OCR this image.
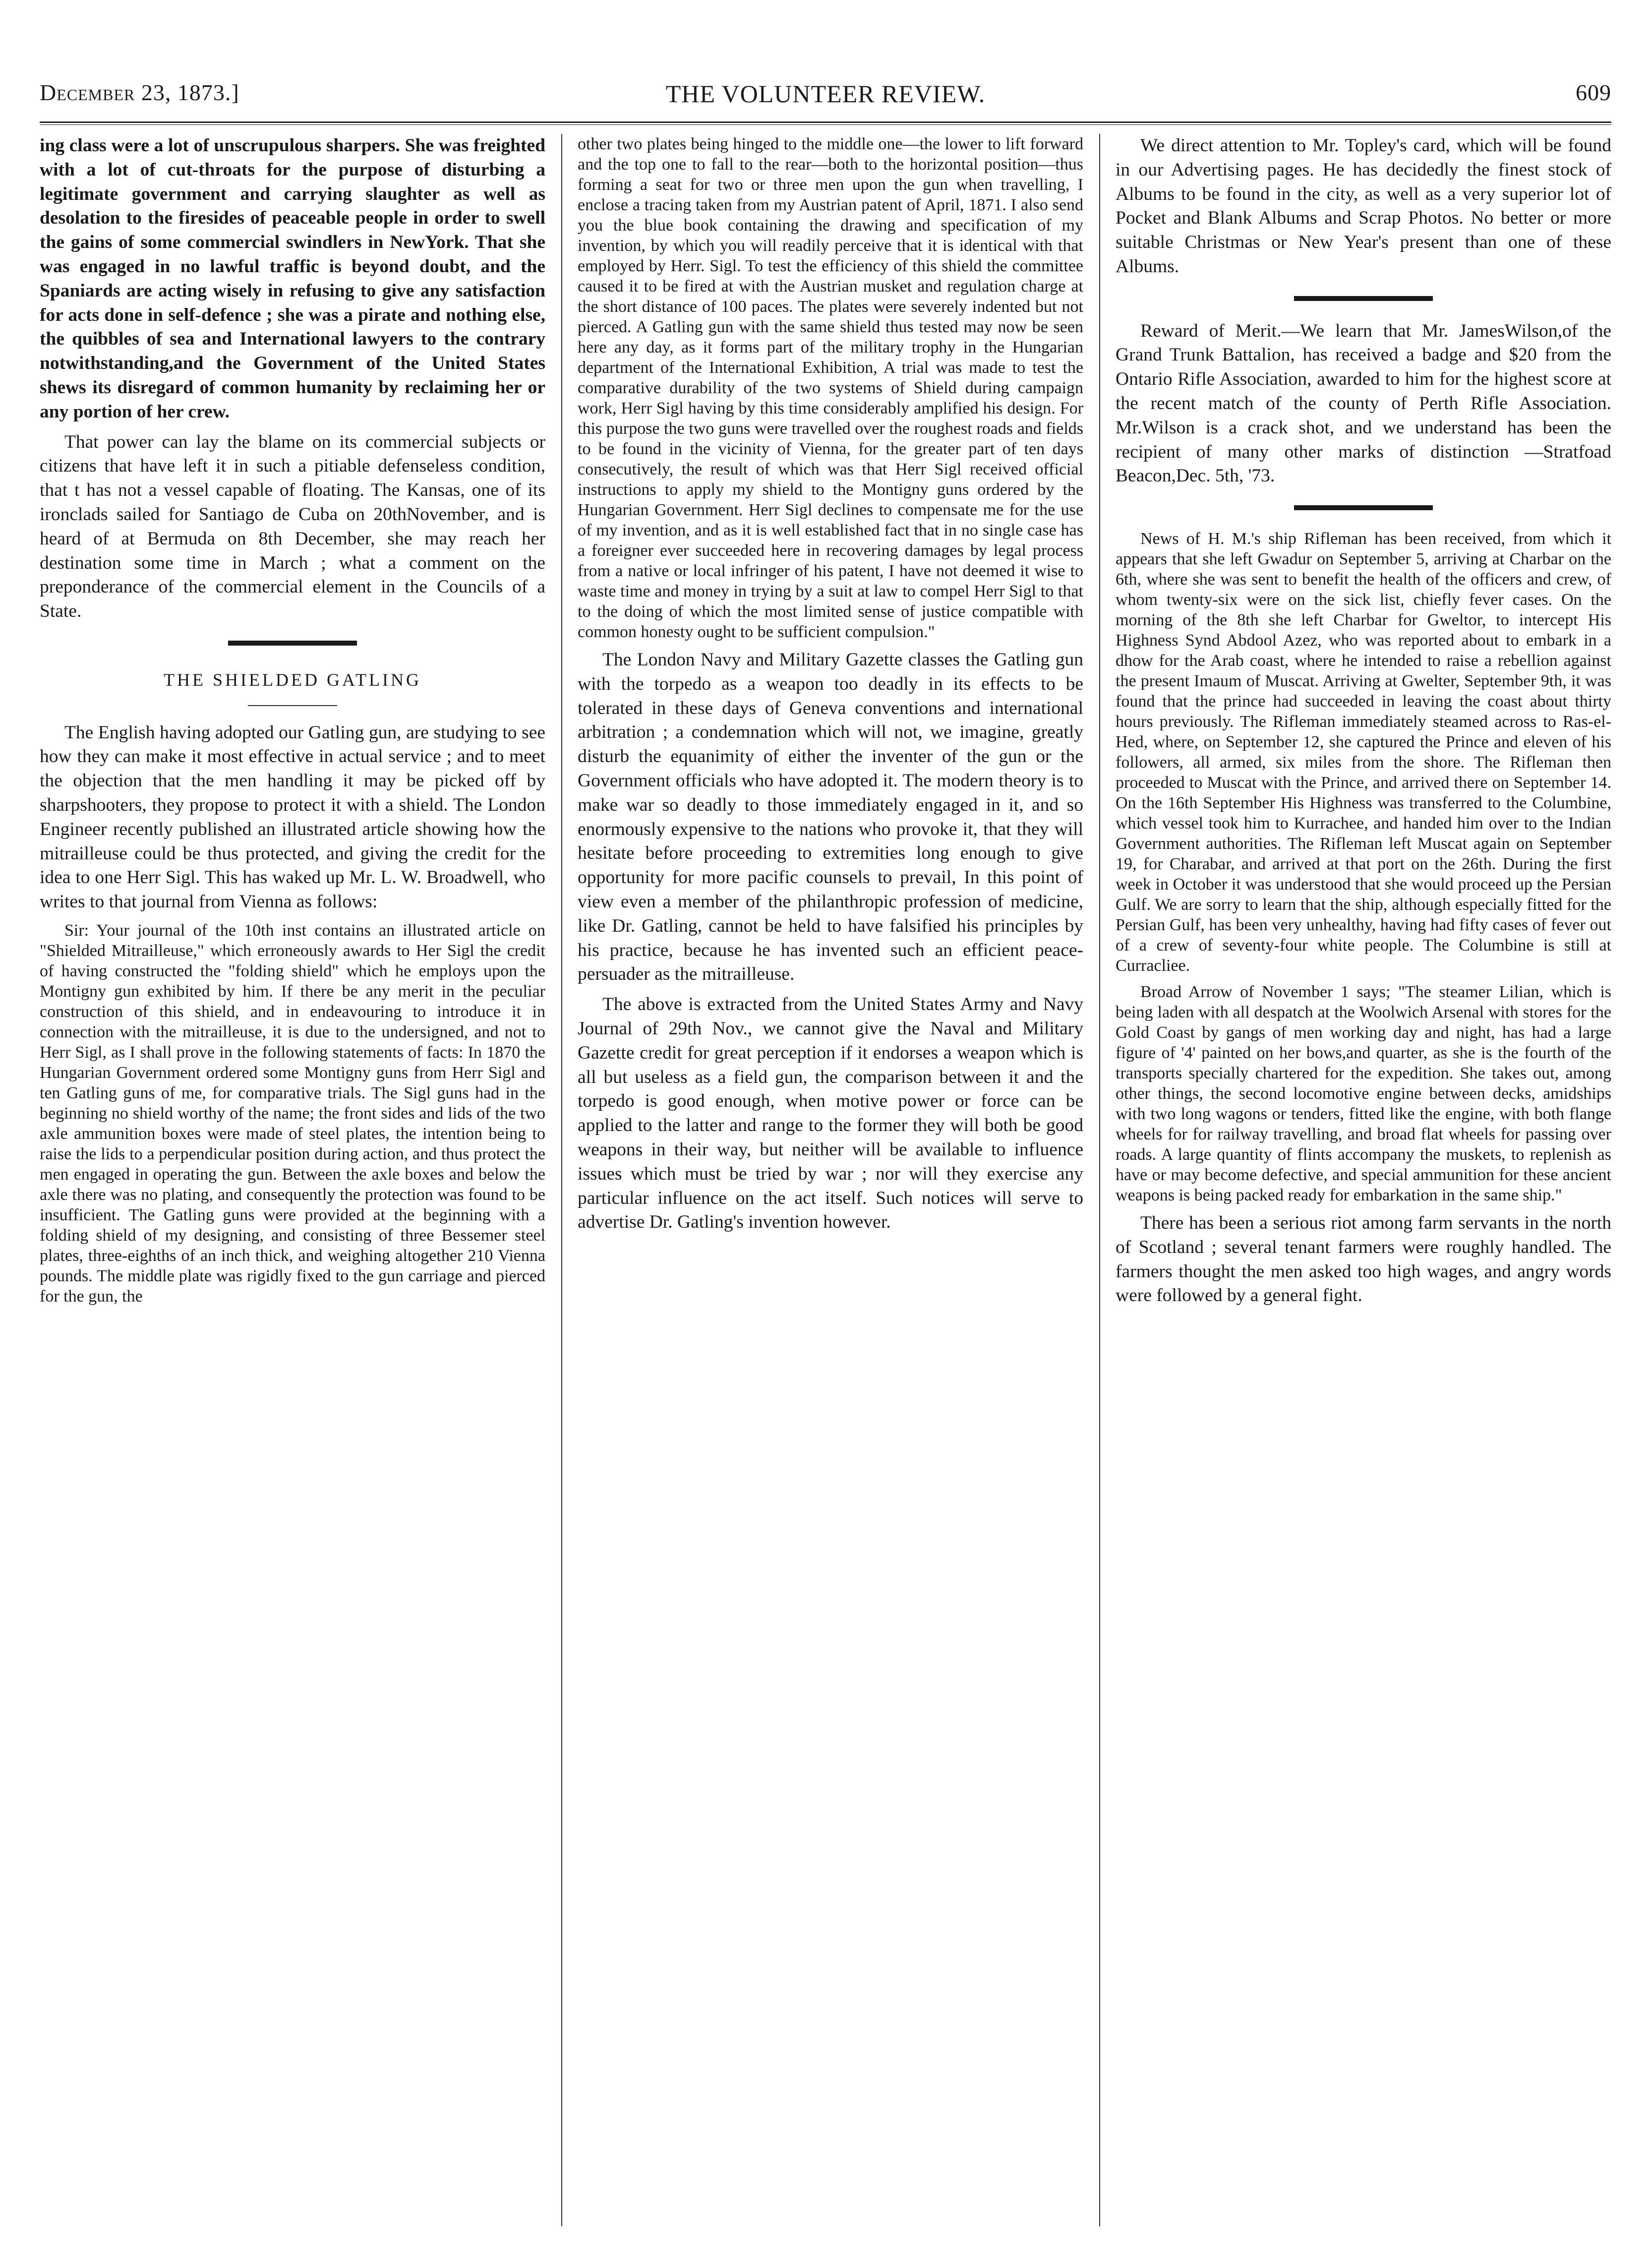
December 23, 1873.]	THE VOLUNTEER REVIEW.	609

ing class were a lot of unscrupulous sharpers. She was freighted with a lot of cut-throats for the purpose of disturbing a legitimate government and carrying slaughter as well as desolation to the firesides of peaceable people in order to swell the gains of some commercial swindlers in NewYork. That she was engaged in no lawful traffic is beyond doubt, and the Spaniards are acting wisely in refusing to give any satisfaction for acts done in self-defence ; she was a pirate and nothing else, the quibbles of sea and International lawyers to the contrary notwithstanding,and the Government of the United States shews its disregard of common humanity by reclaiming her or any portion of her crew.

That power can lay the blame on its commercial subjects or citizens that have left it in such a pitiable defenseless condition, that t has not a vessel capable of floating. The Kansas, one of its ironclads sailed for Santiago de Cuba on 20thNovember, and is heard of at Bermuda on 8th December, she may reach her destination some time in March ; what a comment on the preponderance of the commercial element in the Councils of a State.

THE SHIELDED GATLING

The English having adopted our Gatling gun, are studying to see how they can make it most effective in actual service ; and to meet the objection that the men handling it may be picked off by sharpshooters, they propose to protect it with a shield. The London Engineer recently published an illustrated article showing how the mitrailleuse could be thus protected, and giving the credit for the idea to one Herr Sigl. This has waked up Mr. L. W. Broadwell, who writes to that journal from Vienna as follows:

Sir: Your journal of the 10th inst contains an illustrated article on "Shielded Mitrailleuse," which erroneously awards to Her Sigl the credit of having constructed the "folding shield" which he employs upon the Montigny gun exhibited by him. If there be any merit in the peculiar construction of this shield, and in endeavouring to introduce it in connection with the mitrailleuse, it is due to the undersigned, and not to Herr Sigl, as I shall prove in the following statements of facts: In 1870 the Hungarian Government ordered some Montigny guns from Herr Sigl and ten Gatling guns of me, for comparative trials. The Sigl guns had in the beginning no shield worthy of the name; the front sides and lids of the two axle ammunition boxes were made of steel plates, the intention being to raise the lids to a perpendicular position during action, and thus protect the men engaged in operating the gun. Between the axle boxes and below the axle there was no plating, and consequently the protection was found to be insufficient. The Gatling guns were provided at the beginning with a folding shield of my designing, and consisting of three Bessemer steel plates, three-eighths of an inch thick, and weighing altogether 210 Vienna pounds. The middle plate was rigidly fixed to the gun carriage and pierced for the gun, the

other two plates being hinged to the middle one—the lower to lift forward and the top one to fall to the rear—both to the horizontal position—thus forming a seat for two or three men upon the gun when travelling, I enclose a tracing taken from my Austrian patent of April, 1871. I also send you the blue book containing the drawing and specification of my invention, by which you will readily perceive that it is identical with that employed by Herr. Sigl. To test the efficiency of this shield the committee caused it to be fired at with the Austrian musket and regulation charge at the short distance of 100 paces. The plates were severely indented but not pierced. A Gatling gun with the same shield thus tested may now be seen here any day, as it forms part of the military trophy in the Hungarian department of the International Exhibition, A trial was made to test the comparative durability of the two systems of Shield during campaign work, Herr Sigl having by this time considerably amplified his design. For this purpose the two guns were travelled over the roughest roads and fields to be found in the vicinity of Vienna, for the greater part of ten days consecutively, the result of which was that Herr Sigl received official instructions to apply my shield to the Montigny guns ordered by the Hungarian Government. Herr Sigl declines to compensate me for the use of my invention, and as it is well established fact that in no single case has a foreigner ever succeeded here in recovering damages by legal process from a native or local infringer of his patent, I have not deemed it wise to waste time and money in trying by a suit at law to compel Herr Sigl to that to the doing of which the most limited sense of justice compatible with common honesty ought to be sufficient compulsion."

The London Navy and Military Gazette classes the Gatling gun with the torpedo as a weapon too deadly in its effects to be tolerated in these days of Geneva conventions and international arbitration ; a condemnation which will not, we imagine, greatly disturb the equanimity of either the inventer of the gun or the Government officials who have adopted it. The modern theory is to make war so deadly to those immediately engaged in it, and so enormously expensive to the nations who provoke it, that they will hesitate before proceeding to extremities long enough to give opportunity for more pacific counsels to prevail, In this point of view even a member of the philanthropic profession of medicine, like Dr. Gatling, cannot be held to have falsified his principles by his practice, because he has invented such an efficient peace-persuader as the mitrailleuse.

The above is extracted from the United States Army and Navy Journal of 29th Nov., we cannot give the Naval and Military Gazette credit for great perception if it endorses a weapon which is all but useless as a field gun, the comparison between it and the torpedo is good enough, when motive power or force can be applied to the latter and range to the former they will both be good weapons in their way, but neither will be available to influence issues which must be tried by war ; nor will they exercise any particular influence on the act itself. Such notices will serve to advertise Dr. Gatling's invention however.

We direct attention to Mr. Topley's card, which will be found in our Advertising pages. He has decidedly the finest stock of Albums to be found in the city, as well as a very superior lot of Pocket and Blank Albums and Scrap Photos. No better or more suitable Christmas or New Year's present than one of these Albums.

Reward of Merit.—We learn that Mr. JamesWilson,of the Grand Trunk Battalion, has received a badge and $20 from the Ontario Rifle Association, awarded to him for the highest score at the recent match of the county of Perth Rifle Association. Mr.Wilson is a crack shot, and we understand has been the recipient of many other marks of distinction —Stratfoad Beacon,Dec. 5th, '73.

News of H. M.'s ship Rifleman has been received, from which it appears that she left Gwadur on September 5, arriving at Charbar on the 6th, where she was sent to benefit the health of the officers and crew, of whom twenty-six were on the sick list, chiefly fever cases. On the morning of the 8th she left Charbar for Gweltor, to intercept His Highness Synd Abdool Azez, who was reported about to embark in a dhow for the Arab coast, where he intended to raise a rebellion against the present Imaum of Muscat. Arriving at Gwelter, September 9th, it was found that the prince had succeeded in leaving the coast about thirty hours previously. The Rifleman immediately steamed across to Ras-el-Hed, where, on September 12, she captured the Prince and eleven of his followers, all armed, six miles from the shore. The Rifleman then proceeded to Muscat with the Prince, and arrived there on September 14. On the 16th September His Highness was transferred to the Columbine, which vessel took him to Kurrachee, and handed him over to the Indian Government authorities. The Rifleman left Muscat again on September 19, for Charabar, and arrived at that port on the 26th. During the first week in October it was understood that she would proceed up the Persian Gulf. We are sorry to learn that the ship, although especially fitted for the Persian Gulf, has been very unhealthy, having had fifty cases of fever out of a crew of seventy-four white people. The Columbine is still at Curracliee.

Broad Arrow of November 1 says; "The steamer Lilian, which is being laden with all despatch at the Woolwich Arsenal with stores for the Gold Coast by gangs of men working day and night, has had a large figure of '4' painted on her bows,and quarter, as she is the fourth of the transports specially chartered for the expedition. She takes out, among other things, the second locomotive engine between decks, amidships with two long wagons or tenders, fitted like the engine, with both flange wheels for for railway travelling, and broad flat wheels for passing over roads. A large quantity of flints accompany the muskets, to replenish as have or may become defective, and special ammunition for these ancient weapons is being packed ready for embarkation in the same ship."

There has been a serious riot among farm servants in the north of Scotland ; several tenant farmers were roughly handled. The farmers thought the men asked too high wages, and angry words were followed by a general fight.
